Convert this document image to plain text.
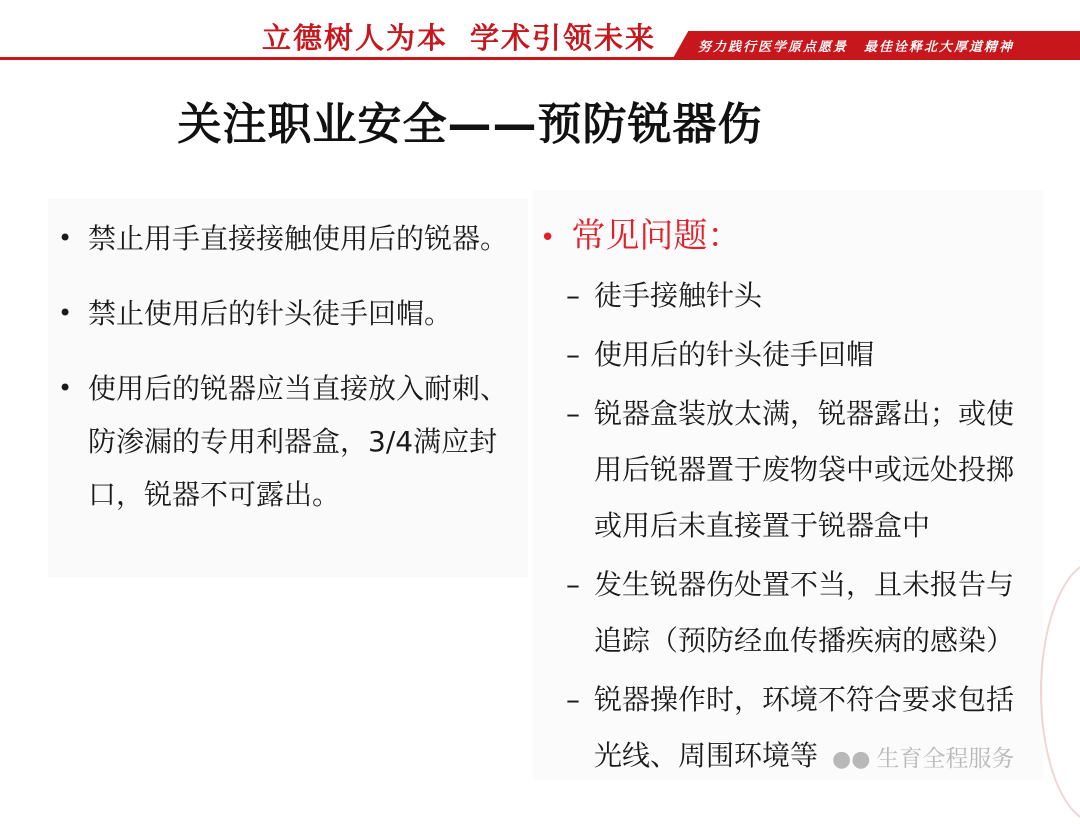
立德树人为本 学术引领未来	努力践行医学原点愿景 最佳诠释北大厚道精神
关注职业安全——预防锐器伤
• 禁止用手直接接触使用后的锐器。
• 禁止使用后的针头徒手回帽。
• 使用后的锐器应当直接放入耐刺、防渗漏的专用利器盒，3/4满应封口，锐器不可露出。
• 常见问题：
– 徒手接触针头
– 使用后的针头徒手回帽
– 锐器盒装放太满，锐器露出；或使用后锐器置于废物袋中或远处投掷或用后未直接置于锐器盒中
– 发生锐器伤处置不当，且未报告与追踪（预防经血传播疾病的感染）
– 锐器操作时，环境不符合要求包括光线、周围环境等 ●● 生育全程服务
